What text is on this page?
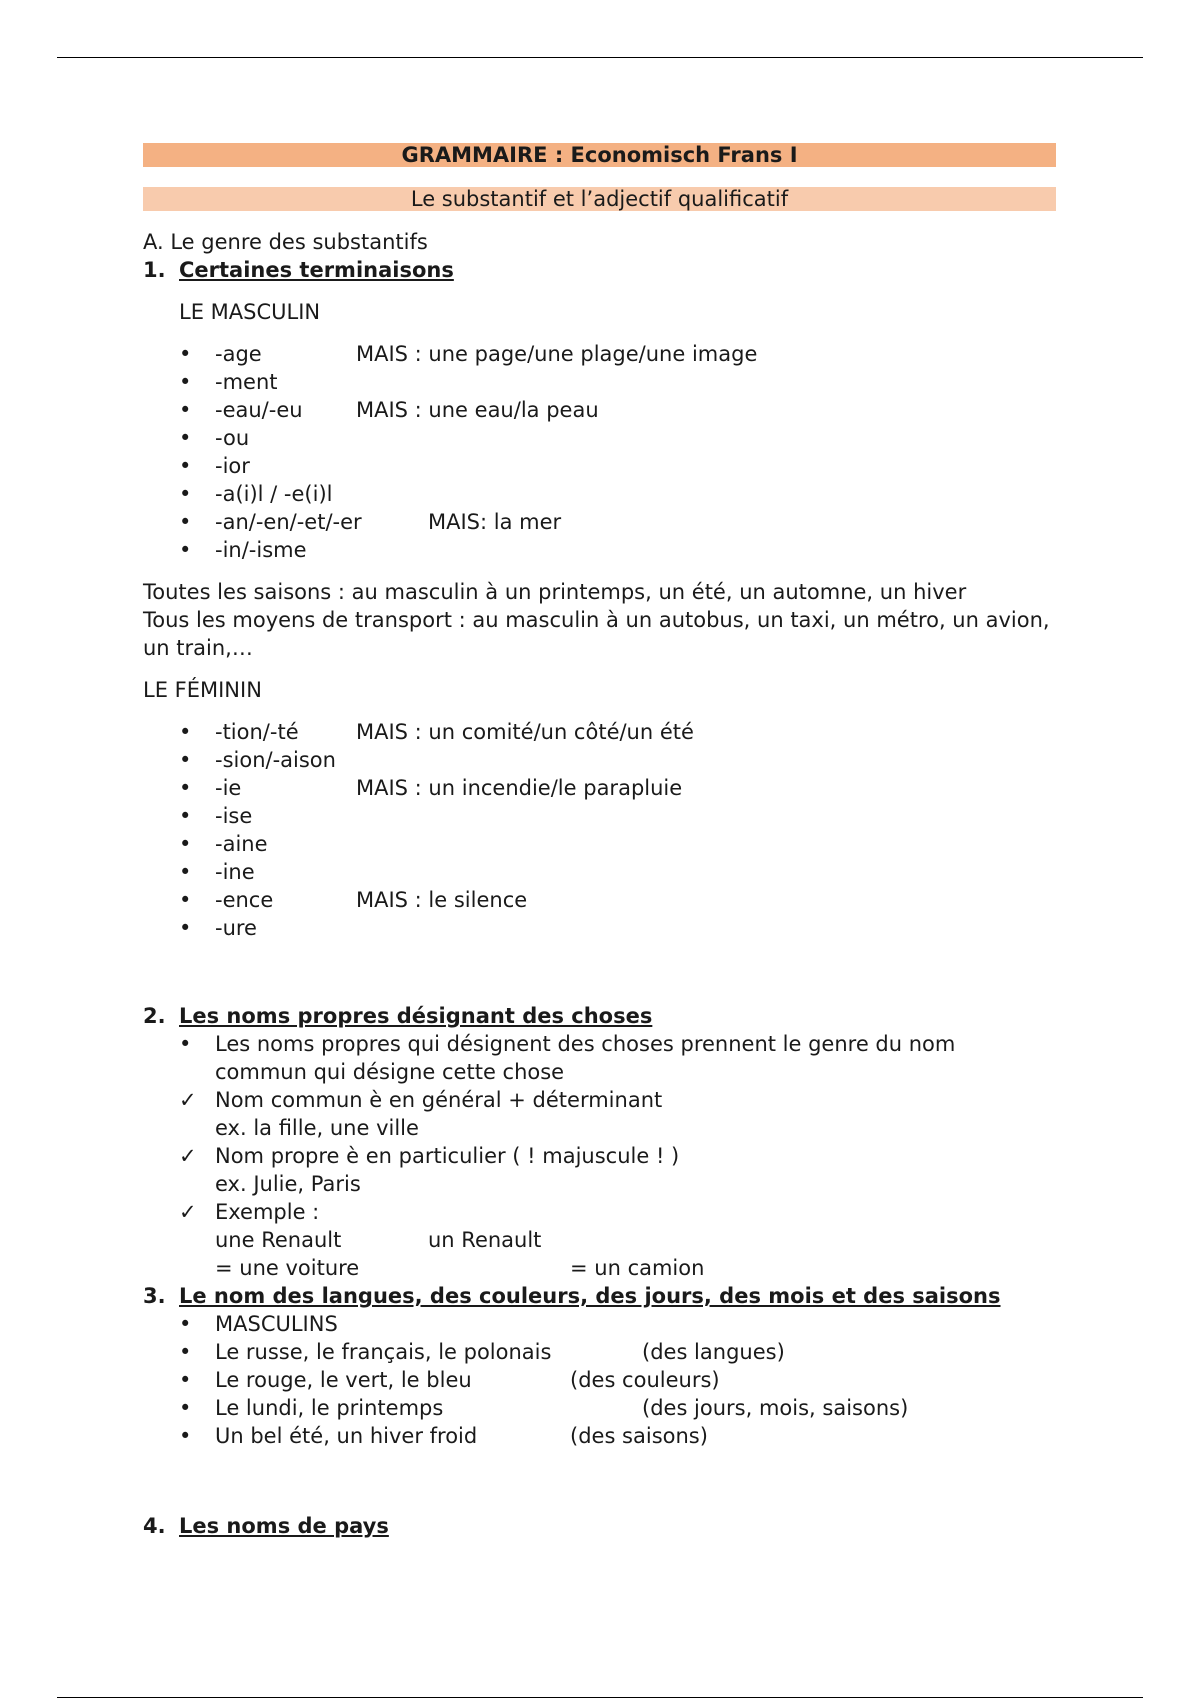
GRAMMAIRE : Economisch Frans I
Le substantif et l’adjectif qualificatif
A. Le genre des substantifs
1. Certaines terminaisons
LE MASCULIN
•	-age	MAIS : une page/une plage/une image
•	-ment
•	-eau/-eu	MAIS : une eau/la peau
•	-ou
•	-ior
•	-a(i)l / -e(i)l
•	-an/-en/-et/-er	MAIS: la mer
•	-in/-isme
Toutes les saisons : au masculin à un printemps, un été, un automne, un hiver
Tous les moyens de transport : au masculin à un autobus, un taxi, un métro, un avion, un train,…
LE FÉMININ
•	-tion/-té	MAIS : un comité/un côté/un été
•	-sion/-aison
•	-ie	MAIS : un incendie/le parapluie
•	-ise
•	-aine
•	-ine
•	-ence	MAIS : le silence
•	-ure
2. Les noms propres désignant des choses
•	Les noms propres qui désignent des choses prennent le genre du nom
commun qui désigne cette chose
✓ Nom commun è en général + déterminant
ex. la fille, une ville
✓ Nom propre è en particulier ( ! majuscule ! )
ex. Julie, Paris
✓ Exemple :
une Renault	un Renault
= une voiture	= un camion
3. Le nom des langues, des couleurs, des jours, des mois et des saisons
•	MASCULINS
•	Le russe, le français, le polonais	(des langues)
•	Le rouge, le vert, le bleu	(des couleurs)
•	Le lundi, le printemps	(des jours, mois, saisons)
•	Un bel été, un hiver froid	(des saisons)
4. Les noms de pays
